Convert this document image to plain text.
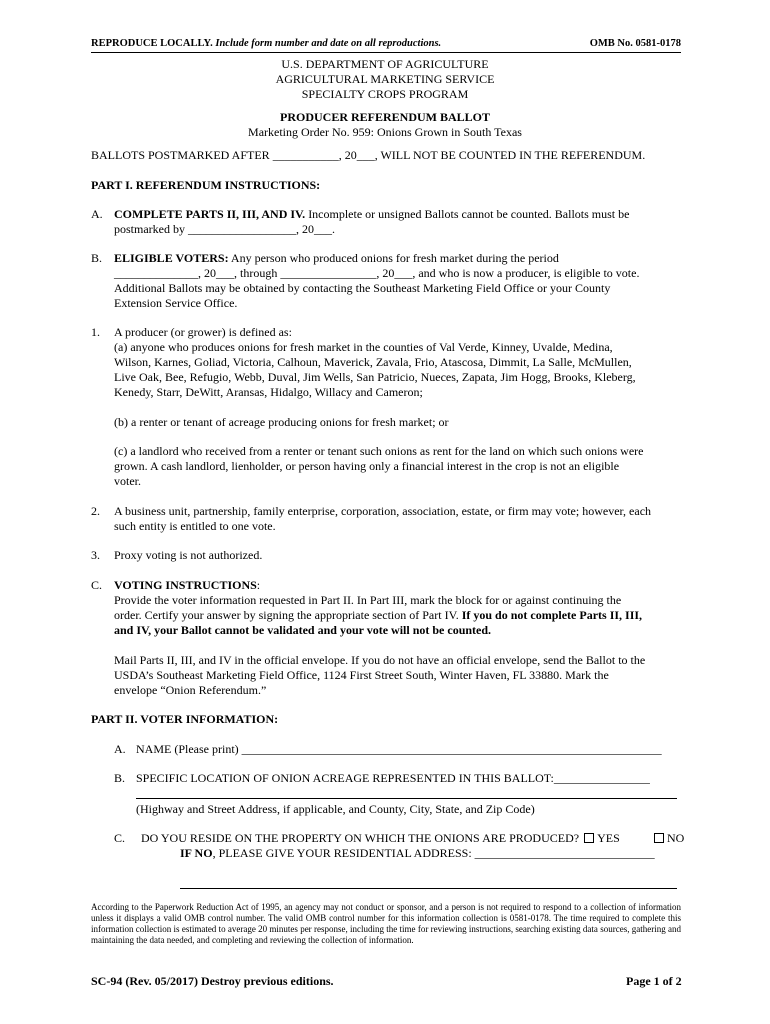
REPRODUCE LOCALLY. Include form number and date on all reproductions.	OMB No. 0581-0178
U.S. DEPARTMENT OF AGRICULTURE
AGRICULTURAL MARKETING SERVICE
SPECIALTY CROPS PROGRAM
PRODUCER REFERENDUM BALLOT
Marketing Order No. 959: Onions Grown in South Texas
BALLOTS POSTMARKED AFTER ___________, 20___, WILL NOT BE COUNTED IN THE REFERENDUM.
PART I. REFERENDUM INSTRUCTIONS:
A. COMPLETE PARTS II, III, AND IV. Incomplete or unsigned Ballots cannot be counted. Ballots must be
postmarked by __________________, 20___.
B. ELIGIBLE VOTERS: Any person who produced onions for fresh market during the period
______________, 20___, through ________________, 20___, and who is now a producer, is eligible to vote.
Additional Ballots may be obtained by contacting the Southeast Marketing Field Office or your County
Extension Service Office.
1. A producer (or grower) is defined as:
(a) anyone who produces onions for fresh market in the counties of Val Verde, Kinney, Uvalde, Medina,
Wilson, Karnes, Goliad, Victoria, Calhoun, Maverick, Zavala, Frio, Atascosa, Dimmit, La Salle, McMullen,
Live Oak, Bee, Refugio, Webb, Duval, Jim Wells, San Patricio, Nueces, Zapata, Jim Hogg, Brooks, Kleberg,
Kenedy, Starr, DeWitt, Aransas, Hidalgo, Willacy and Cameron;
(b) a renter or tenant of acreage producing onions for fresh market; or
(c) a landlord who received from a renter or tenant such onions as rent for the land on which such onions were
grown. A cash landlord, lienholder, or person having only a financial interest in the crop is not an eligible
voter.
2. A business unit, partnership, family enterprise, corporation, association, estate, or firm may vote; however, each
such entity is entitled to one vote.
3. Proxy voting is not authorized.
C. VOTING INSTRUCTIONS:
Provide the voter information requested in Part II. In Part III, mark the block for or against continuing the
order. Certify your answer by signing the appropriate section of Part IV. If you do not complete Parts II, III,
and IV, your Ballot cannot be validated and your vote will not be counted.
Mail Parts II, III, and IV in the official envelope. If you do not have an official envelope, send the Ballot to the
USDA’s Southeast Marketing Field Office, 1124 First Street South, Winter Haven, FL 33880. Mark the
envelope “Onion Referendum.”
PART II. VOTER INFORMATION:
A. NAME (Please print) ______________________________________________________________________
B. SPECIFIC LOCATION OF ONION ACREAGE REPRESENTED IN THIS BALLOT:________________
(Highway and Street Address, if applicable, and County, City, State, and Zip Code)
C. DO YOU RESIDE ON THE PROPERTY ON WHICH THE ONIONS ARE PRODUCED? YES	NO
IF NO, PLEASE GIVE YOUR RESIDENTIAL ADDRESS: ______________________________
According to the Paperwork Reduction Act of 1995, an agency may not conduct or sponsor, and a person is not required to respond to a collection of information unless it displays a valid OMB control number. The valid OMB control number for this information collection is 0581-0178. The time required to complete this information collection is estimated to average 20 minutes per response, including the time for reviewing instructions, searching existing data sources, gathering and maintaining the data needed, and completing and reviewing the collection of information.
SC-94 (Rev. 05/2017) Destroy previous editions.	Page 1 of 2
